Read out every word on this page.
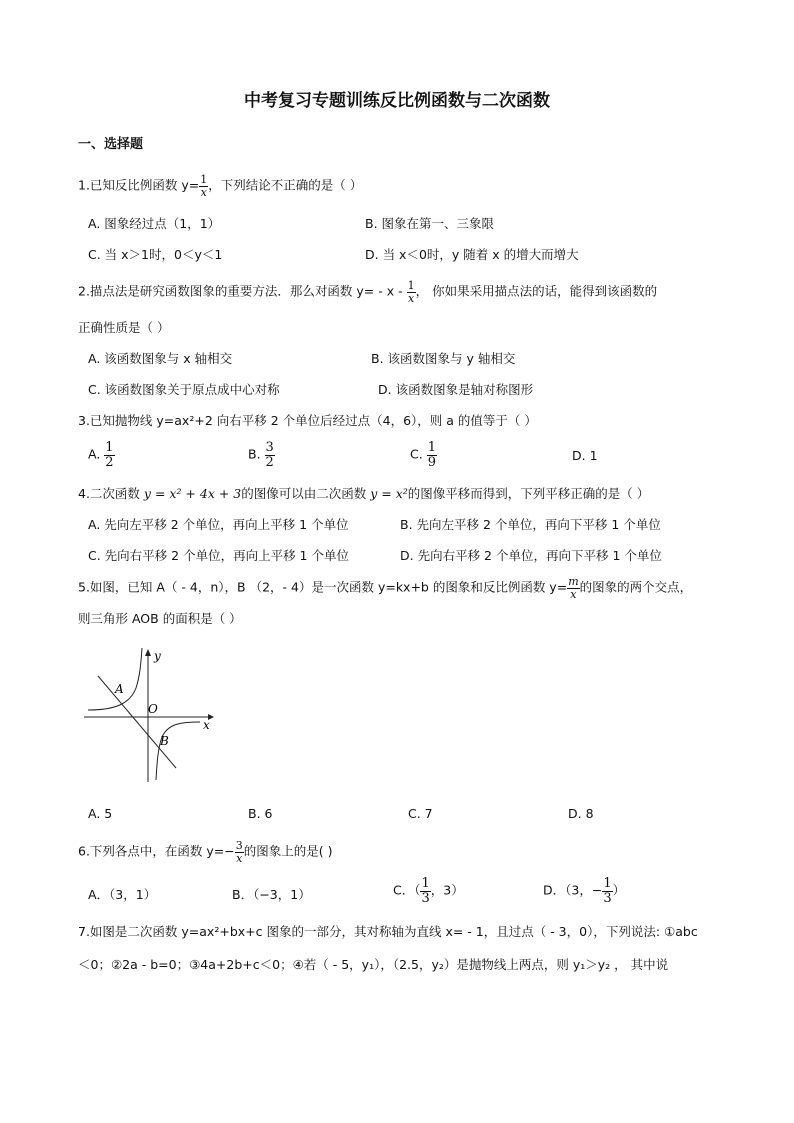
中考复习专题训练反比例函数与二次函数
一、选择题
1.已知反比例函数 $y= \frac{1}{x}$ ，下列结论不正确的是（ ）
A. 图象经过点（1，1）	B. 图象在第一、三象限
C. 当 x＞1时，0＜y＜1	D. 当 x＜0时，y 随着 x 的增大而增大
2.描点法是研究函数图象的重要方法．那么对函数 $y= - x - \frac{1}{x}$ ， 你如果采用描点法的话，能得到该函数的
正确性质是（ ）
A. 该函数图象与 x 轴相交	B. 该函数图象与 y 轴相交
C. 该函数图象关于原点成中心对称	D. 该函数图象是轴对称图形
3.已知抛物线 y=ax²+2 向右平移 2 个单位后经过点（4，6），则 a 的值等于（ ）
A. $\frac{1}{2}$	B. $\frac{3}{2}$	C. $\frac{1}{9}$	D. 1
4.二次函数 y = x² + 4x + 3的图像可以由二次函数 y = x²的图像平移而得到，下列平移正确的是（ ）
A. 先向左平移 2 个单位，再向上平移 1 个单位	B. 先向左平移 2 个单位，再向下平移 1 个单位
C. 先向右平移 2 个单位，再向上平移 1 个单位	D. 先向右平移 2 个单位，再向下平移 1 个单位
5.如图，已知 A（ - 4，n），B （2，- 4）是一次函数 y=kx+b 的图象和反比例函数 $y= \frac{m}{x}$ 的图象的两个交点，
则三角形 AOB 的面积是（ ）
y
x
O
A
B
A. 5	B. 6	C. 7	D. 8
6.下列各点中，在函数 $y=- \frac{3}{x}$ 的图象上的是( )
A．（3，1）	B．（−3，1）	C．（ $\frac{1}{3}$ ，3）	D．（3，− $\frac{1}{3}$ ）
7.如图是二次函数 y=ax²+bx+c 图象的一部分，其对称轴为直线 x= - 1，且过点（ - 3，0），下列说法: ①abc
＜0；②2a - b=0；③4a+2b+c＜0；④若（ - 5，y₁），（2.5，y₂）是抛物线上两点，则 y₁＞y₂ ， 其中说
